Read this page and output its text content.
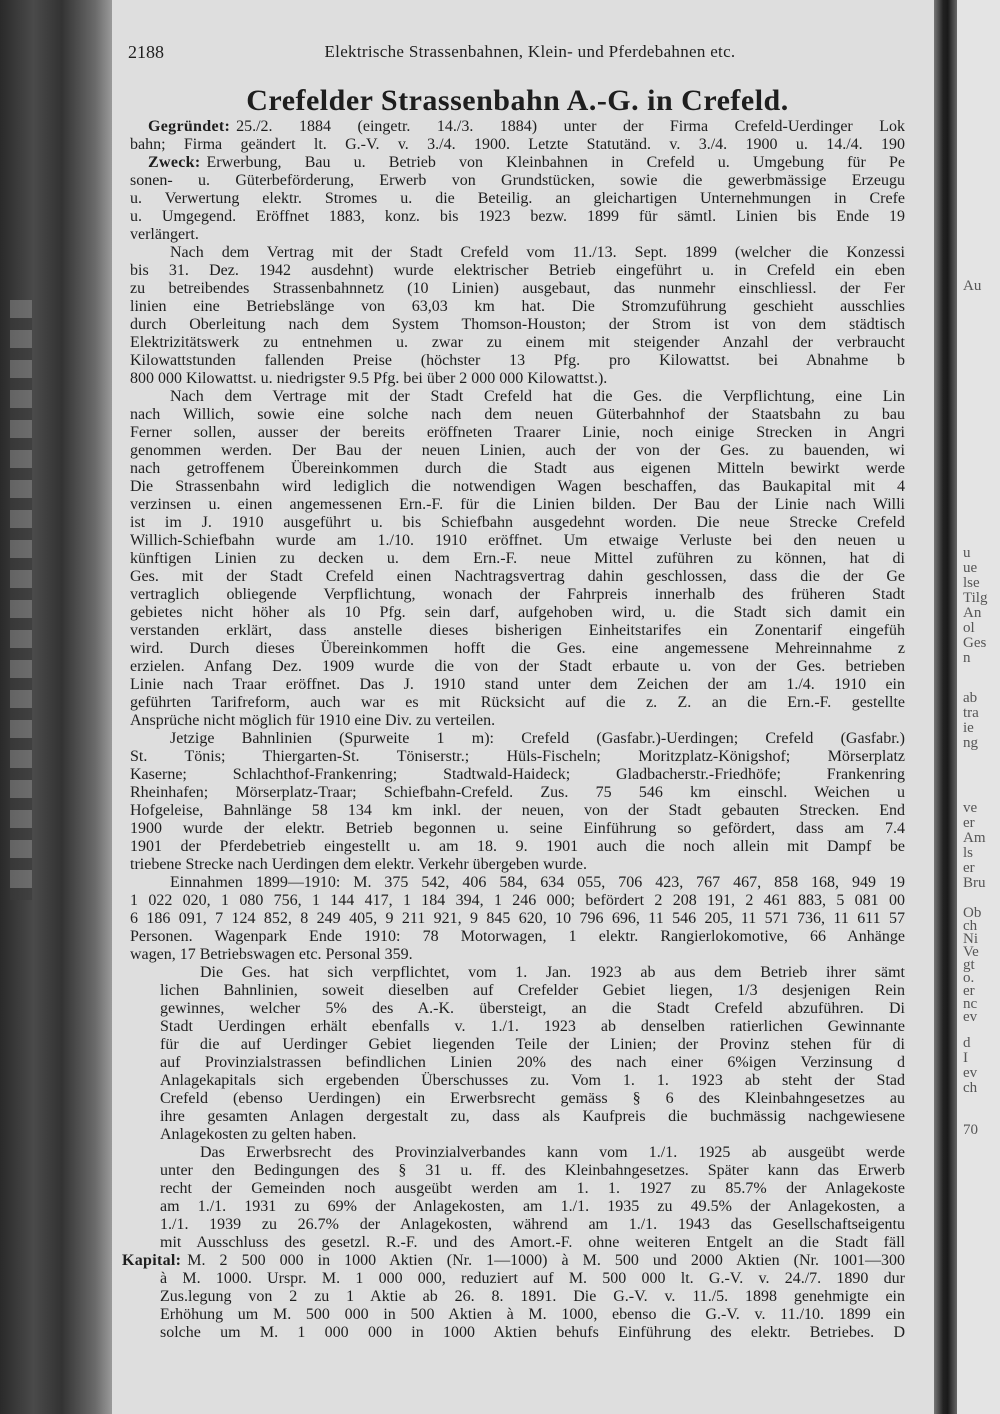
Au
u
ue
lse
Tilg
An
ol
Ges
n
ab
tra
ie
ng
ve
er
Am
ls
er
Bru
Ob
ch
Ni
Ve
gt
o.
er
nc
ev
d
I
ev
ch
70
2188	Elektrische Strassenbahnen, Klein- und Pferdebahnen etc.
Crefelder Strassenbahn A.-G. in Crefeld.
Gegründet: 25./2. 1884 (eingetr. 14./3. 1884) unter der Firma Crefeld-Uerdinger Lok
bahn; Firma geändert lt. G.-V. v. 3./4. 1900. Letzte Statutänd. v. 3./4. 1900 u. 14./4. 190
Zweck: Erwerbung, Bau u. Betrieb von Kleinbahnen in Crefeld u. Umgebung für Pe
sonen- u. Güterbeförderung, Erwerb von Grundstücken, sowie die gewerbmässige Erzeugu
u. Verwertung elektr. Stromes u. die Beteilig. an gleichartigen Unternehmungen in Crefe
u. Umgegend. Eröffnet 1883, konz. bis 1923 bezw. 1899 für sämtl. Linien bis Ende 19
verlängert.
Nach dem Vertrag mit der Stadt Crefeld vom 11./13. Sept. 1899 (welcher die Konzessi
bis 31. Dez. 1942 ausdehnt) wurde elektrischer Betrieb eingeführt u. in Crefeld ein eben
zu betreibendes Strassenbahnnetz (10 Linien) ausgebaut, das nunmehr einschliessl. der Fer
linien eine Betriebslänge von 63,03 km hat. Die Stromzuführung geschieht ausschlies
durch Oberleitung nach dem System Thomson-Houston; der Strom ist von dem städtisch
Elektrizitätswerk zu entnehmen u. zwar zu einem mit steigender Anzahl der verbraucht
Kilowattstunden fallenden Preise (höchster 13 Pfg. pro Kilowattst. bei Abnahme b
800 000 Kilowattst. u. niedrigster 9.5 Pfg. bei über 2 000 000 Kilowattst.).
Nach dem Vertrage mit der Stadt Crefeld hat die Ges. die Verpflichtung, eine Lin
nach Willich, sowie eine solche nach dem neuen Güterbahnhof der Staatsbahn zu bau
Ferner sollen, ausser der bereits eröffneten Traarer Linie, noch einige Strecken in Angri
genommen werden. Der Bau der neuen Linien, auch der von der Ges. zu bauenden, wi
nach getroffenem Übereinkommen durch die Stadt aus eigenen Mitteln bewirkt werde
Die Strassenbahn wird lediglich die notwendigen Wagen beschaffen, das Baukapital mit 4
verzinsen u. einen angemessenen Ern.-F. für die Linien bilden. Der Bau der Linie nach Willi
ist im J. 1910 ausgeführt u. bis Schiefbahn ausgedehnt worden. Die neue Strecke Crefeld
Willich-Schiefbahn wurde am 1./10. 1910 eröffnet. Um etwaige Verluste bei den neuen u
künftigen Linien zu decken u. dem Ern.-F. neue Mittel zuführen zu können, hat di
Ges. mit der Stadt Crefeld einen Nachtragsvertrag dahin geschlossen, dass die der Ge
vertraglich obliegende Verpflichtung, wonach der Fahrpreis innerhalb des früheren Stadt
gebietes nicht höher als 10 Pfg. sein darf, aufgehoben wird, u. die Stadt sich damit ein
verstanden erklärt, dass anstelle dieses bisherigen Einheitstarifes ein Zonentarif eingefüh
wird. Durch dieses Übereinkommen hofft die Ges. eine angemessene Mehreinnahme z
erzielen. Anfang Dez. 1909 wurde die von der Stadt erbaute u. von der Ges. betrieben
Linie nach Traar eröffnet. Das J. 1910 stand unter dem Zeichen der am 1./4. 1910 ein
geführten Tarifreform, auch war es mit Rücksicht auf die z. Z. an die Ern.-F. gestellte
Ansprüche nicht möglich für 1910 eine Div. zu verteilen.
Jetzige Bahnlinien (Spurweite 1 m): Crefeld (Gasfabr.)-Uerdingen; Crefeld (Gasfabr.)
St. Tönis; Thiergarten-St. Töniserstr.; Hüls-Fischeln; Moritzplatz-Königshof; Mörserplatz
Kaserne; Schlachthof-Frankenring; Stadtwald-Haideck; Gladbacherstr.-Friedhöfe; Frankenring
Rheinhafen; Mörserplatz-Traar; Schiefbahn-Crefeld. Zus. 75 546 km einschl. Weichen u
Hofgeleise, Bahnlänge 58 134 km inkl. der neuen, von der Stadt gebauten Strecken. End
1900 wurde der elektr. Betrieb begonnen u. seine Einführung so gefördert, dass am 7.4
1901 der Pferdebetrieb eingestellt u. am 18. 9. 1901 auch die noch allein mit Dampf be
triebene Strecke nach Uerdingen dem elektr. Verkehr übergeben wurde.
Einnahmen 1899—1910: M. 375 542, 406 584, 634 055, 706 423, 767 467, 858 168, 949 19
1 022 020, 1 080 756, 1 144 417, 1 184 394, 1 246 000; befördert 2 208 191, 2 461 883, 5 081 00
6 186 091, 7 124 852, 8 249 405, 9 211 921, 9 845 620, 10 796 696, 11 546 205, 11 571 736, 11 611 57
Personen. Wagenpark Ende 1910: 78 Motorwagen, 1 elektr. Rangierlokomotive, 66 Anhänge
wagen, 17 Betriebswagen etc. Personal 359.
Die Ges. hat sich verpflichtet, vom 1. Jan. 1923 ab aus dem Betrieb ihrer sämt
lichen Bahnlinien, soweit dieselben auf Crefelder Gebiet liegen, 1/3 desjenigen Rein
gewinnes, welcher 5% des A.-K. übersteigt, an die Stadt Crefeld abzuführen. Di
Stadt Uerdingen erhält ebenfalls v. 1./1. 1923 ab denselben ratierlichen Gewinnante
für die auf Uerdinger Gebiet liegenden Teile der Linien; der Provinz stehen für di
auf Provinzialstrassen befindlichen Linien 20% des nach einer 6%igen Verzinsung d
Anlagekapitals sich ergebenden Überschusses zu. Vom 1. 1. 1923 ab steht der Stad
Crefeld (ebenso Uerdingen) ein Erwerbsrecht gemäss § 6 des Kleinbahngesetzes au
ihre gesamten Anlagen dergestalt zu, dass als Kaufpreis die buchmässig nachgewiesene
Anlagekosten zu gelten haben.
Das Erwerbsrecht des Provinzialverbandes kann vom 1./1. 1925 ab ausgeübt werde
unter den Bedingungen des § 31 u. ff. des Kleinbahngesetzes. Später kann das Erwerb
recht der Gemeinden noch ausgeübt werden am 1. 1. 1927 zu 85.7% der Anlagekoste
am 1./1. 1931 zu 69% der Anlagekosten, am 1./1. 1935 zu 49.5% der Anlagekosten, a
1./1. 1939 zu 26.7% der Anlagekosten, während am 1./1. 1943 das Gesellschaftseigentu
mit Ausschluss des gesetzl. R.-F. und des Amort.-F. ohne weiteren Entgelt an die Stadt fäll
Kapital: M. 2 500 000 in 1000 Aktien (Nr. 1—1000) à M. 500 und 2000 Aktien (Nr. 1001—300
à M. 1000. Urspr. M. 1 000 000, reduziert auf M. 500 000 lt. G.-V. v. 24./7. 1890 dur
Zus.legung von 2 zu 1 Aktie ab 26. 8. 1891. Die G.-V. v. 11./5. 1898 genehmigte ein
Erhöhung um M. 500 000 in 500 Aktien à M. 1000, ebenso die G.-V. v. 11./10. 1899 ein
solche um M. 1 000 000 in 1000 Aktien behufs Einführung des elektr. Betriebes. D
